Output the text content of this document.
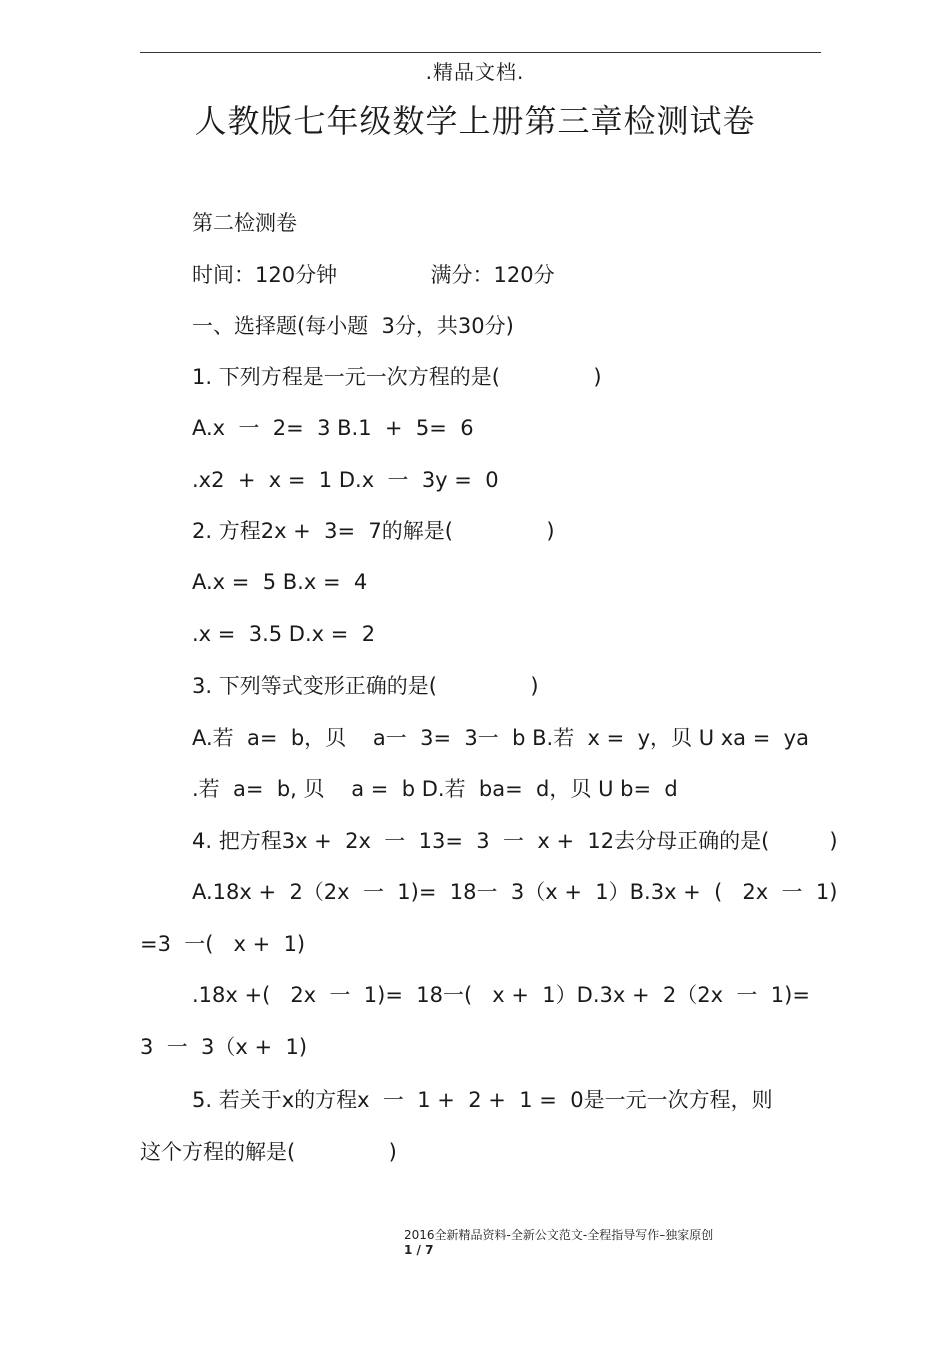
.精品文档.
人教版七年级数学上册第三章检测试卷
第二检测卷
时间：120分钟              满分：120分
一、选择题(每小题  3分，共30分)
1. 下列方程是一元一次方程的是(              )
A.x  一  2=  3 B.1  +  5=  6
.x2  +  x =  1 D.x  一  3y =  0
2. 方程2x +  3=  7的解是(              )
A.x =  5 B.x =  4
.x =  3.5 D.x =  2
3. 下列等式变形正确的是(              )
A.若  a=  b，贝    a一  3=  3一  b B.若  x =  y，贝 U xa =  ya
.若  a=  b, 贝    a =  b D.若  ba=  d，贝 U b=  d
4. 把方程3x +  2x  一  13=  3  一  x +  12去分母正确的是(         )
A.18x +  2（2x  一  1)=  18一  3（x +  1）B.3x +  (   2x  一  1)
=3  一(   x +  1)
.18x +(   2x  一  1)=  18一(   x +  1）D.3x +  2（2x  一  1)=
3  一  3（x +  1)
5. 若关于x的方程x  一  1 +  2 +  1 =  0是一元一次方程，则
这个方程的解是(              )
2016全新精品资料-全新公文范文-全程指导写作–独家原创
1 / 7
